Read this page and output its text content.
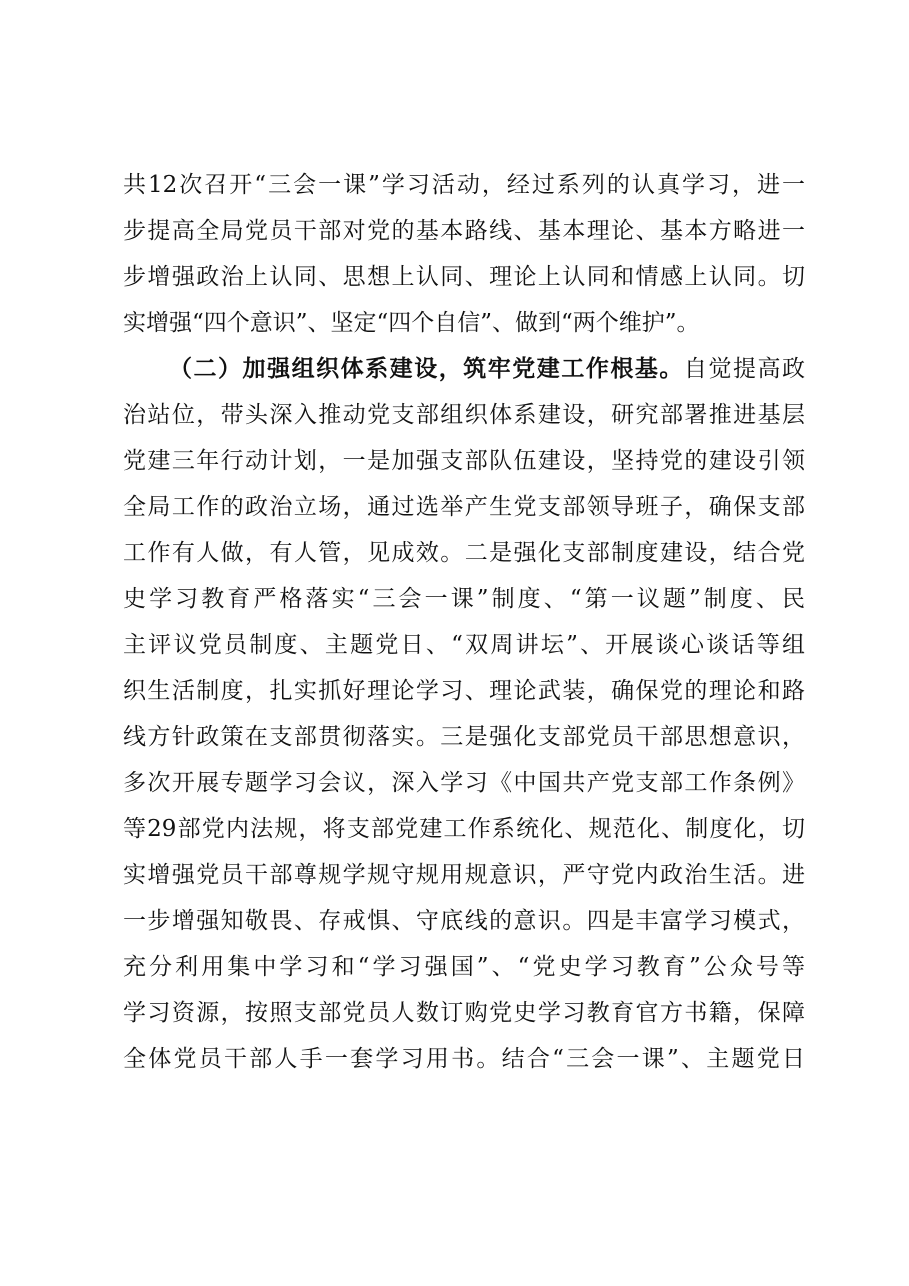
共12次召开“三会一课”学习活动，经过系列的认真学习，进一
步提高全局党员干部对党的基本路线、基本理论、基本方略进一
步增强政治上认同、思想上认同、理论上认同和情感上认同。切
实增强“四个意识”、坚定“四个自信”、做到“两个维护”。
（二）加强组织体系建设，筑牢党建工作根基。自觉提高政
治站位，带头深入推动党支部组织体系建设，研究部署推进基层
党建三年行动计划，一是加强支部队伍建设，坚持党的建设引领
全局工作的政治立场，通过选举产生党支部领导班子，确保支部
工作有人做，有人管，见成效。二是强化支部制度建设，结合党
史学习教育严格落实“三会一课”制度、“第一议题”制度、民
主评议党员制度、主题党日、“双周讲坛”、开展谈心谈话等组
织生活制度，扎实抓好理论学习、理论武装，确保党的理论和路
线方针政策在支部贯彻落实。三是强化支部党员干部思想意识，
多次开展专题学习会议，深入学习《中国共产党支部工作条例》
等29部党内法规，将支部党建工作系统化、规范化、制度化，切
实增强党员干部尊规学规守规用规意识，严守党内政治生活。进
一步增强知敬畏、存戒惧、守底线的意识。四是丰富学习模式，
充分利用集中学习和“学习强国”、“党史学习教育”公众号等
学习资源，按照支部党员人数订购党史学习教育官方书籍，保障
全体党员干部人手一套学习用书。结合“三会一课”、主题党日
